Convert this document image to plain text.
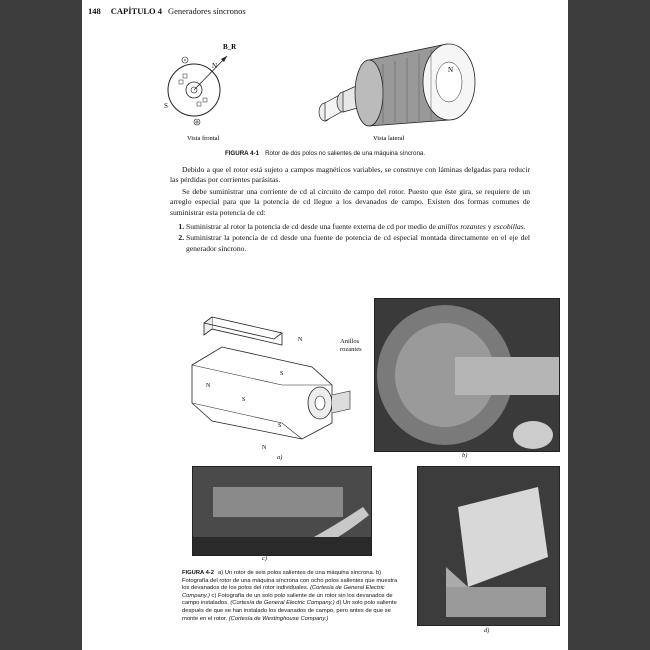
148 CAPÍTULO 4 Generadores síncronos
B_R
N
S
N
Vista frontal	Vista lateral
FIGURA 4-1 Rotor de dos polos no salientes de una máquina síncrona.

Debido a que el rotor está sujeto a campos magnéticos variables, se construye con láminas delgadas para reducir las pérdidas por corrientes parásitas.

Se debe suministrar una corriente de cd al circuito de campo del rotor. Puesto que éste gira, se requiere de un arreglo especial para que la potencia de cd llegue a los devanados de campo. Existen dos formas comunes de suministrar esta potencia de cd:

1. Suministrar al rotor la potencia de cd desde una fuente externa de cd por medio de anillos rozantes y escobillas.
2. Suministrar la potencia de cd desde una fuente de potencia de cd especial montada directamente en el eje del generador síncrono.
N
S
N
S
S
N
Anillos rozantes
a)	b)
c)
d)
FIGURA 4-2 a) Un rotor de seis polos salientes de una máquina síncrona. b) Fotografía del rotor de una máquina síncrona con ocho polos salientes que muestra los devanados de los polos del rotor individuales. (Cortesía de General Electric Company.) c) Fotografía de un solo polo saliente de un rotor sin los devanados de campo instalados. (Cortesía de General Electric Company.) d) Un solo polo saliente después de que se han instalado los devanados de campo, pero antes de que se monte en el rotor. (Cortesía de Westinghouse Company.)
